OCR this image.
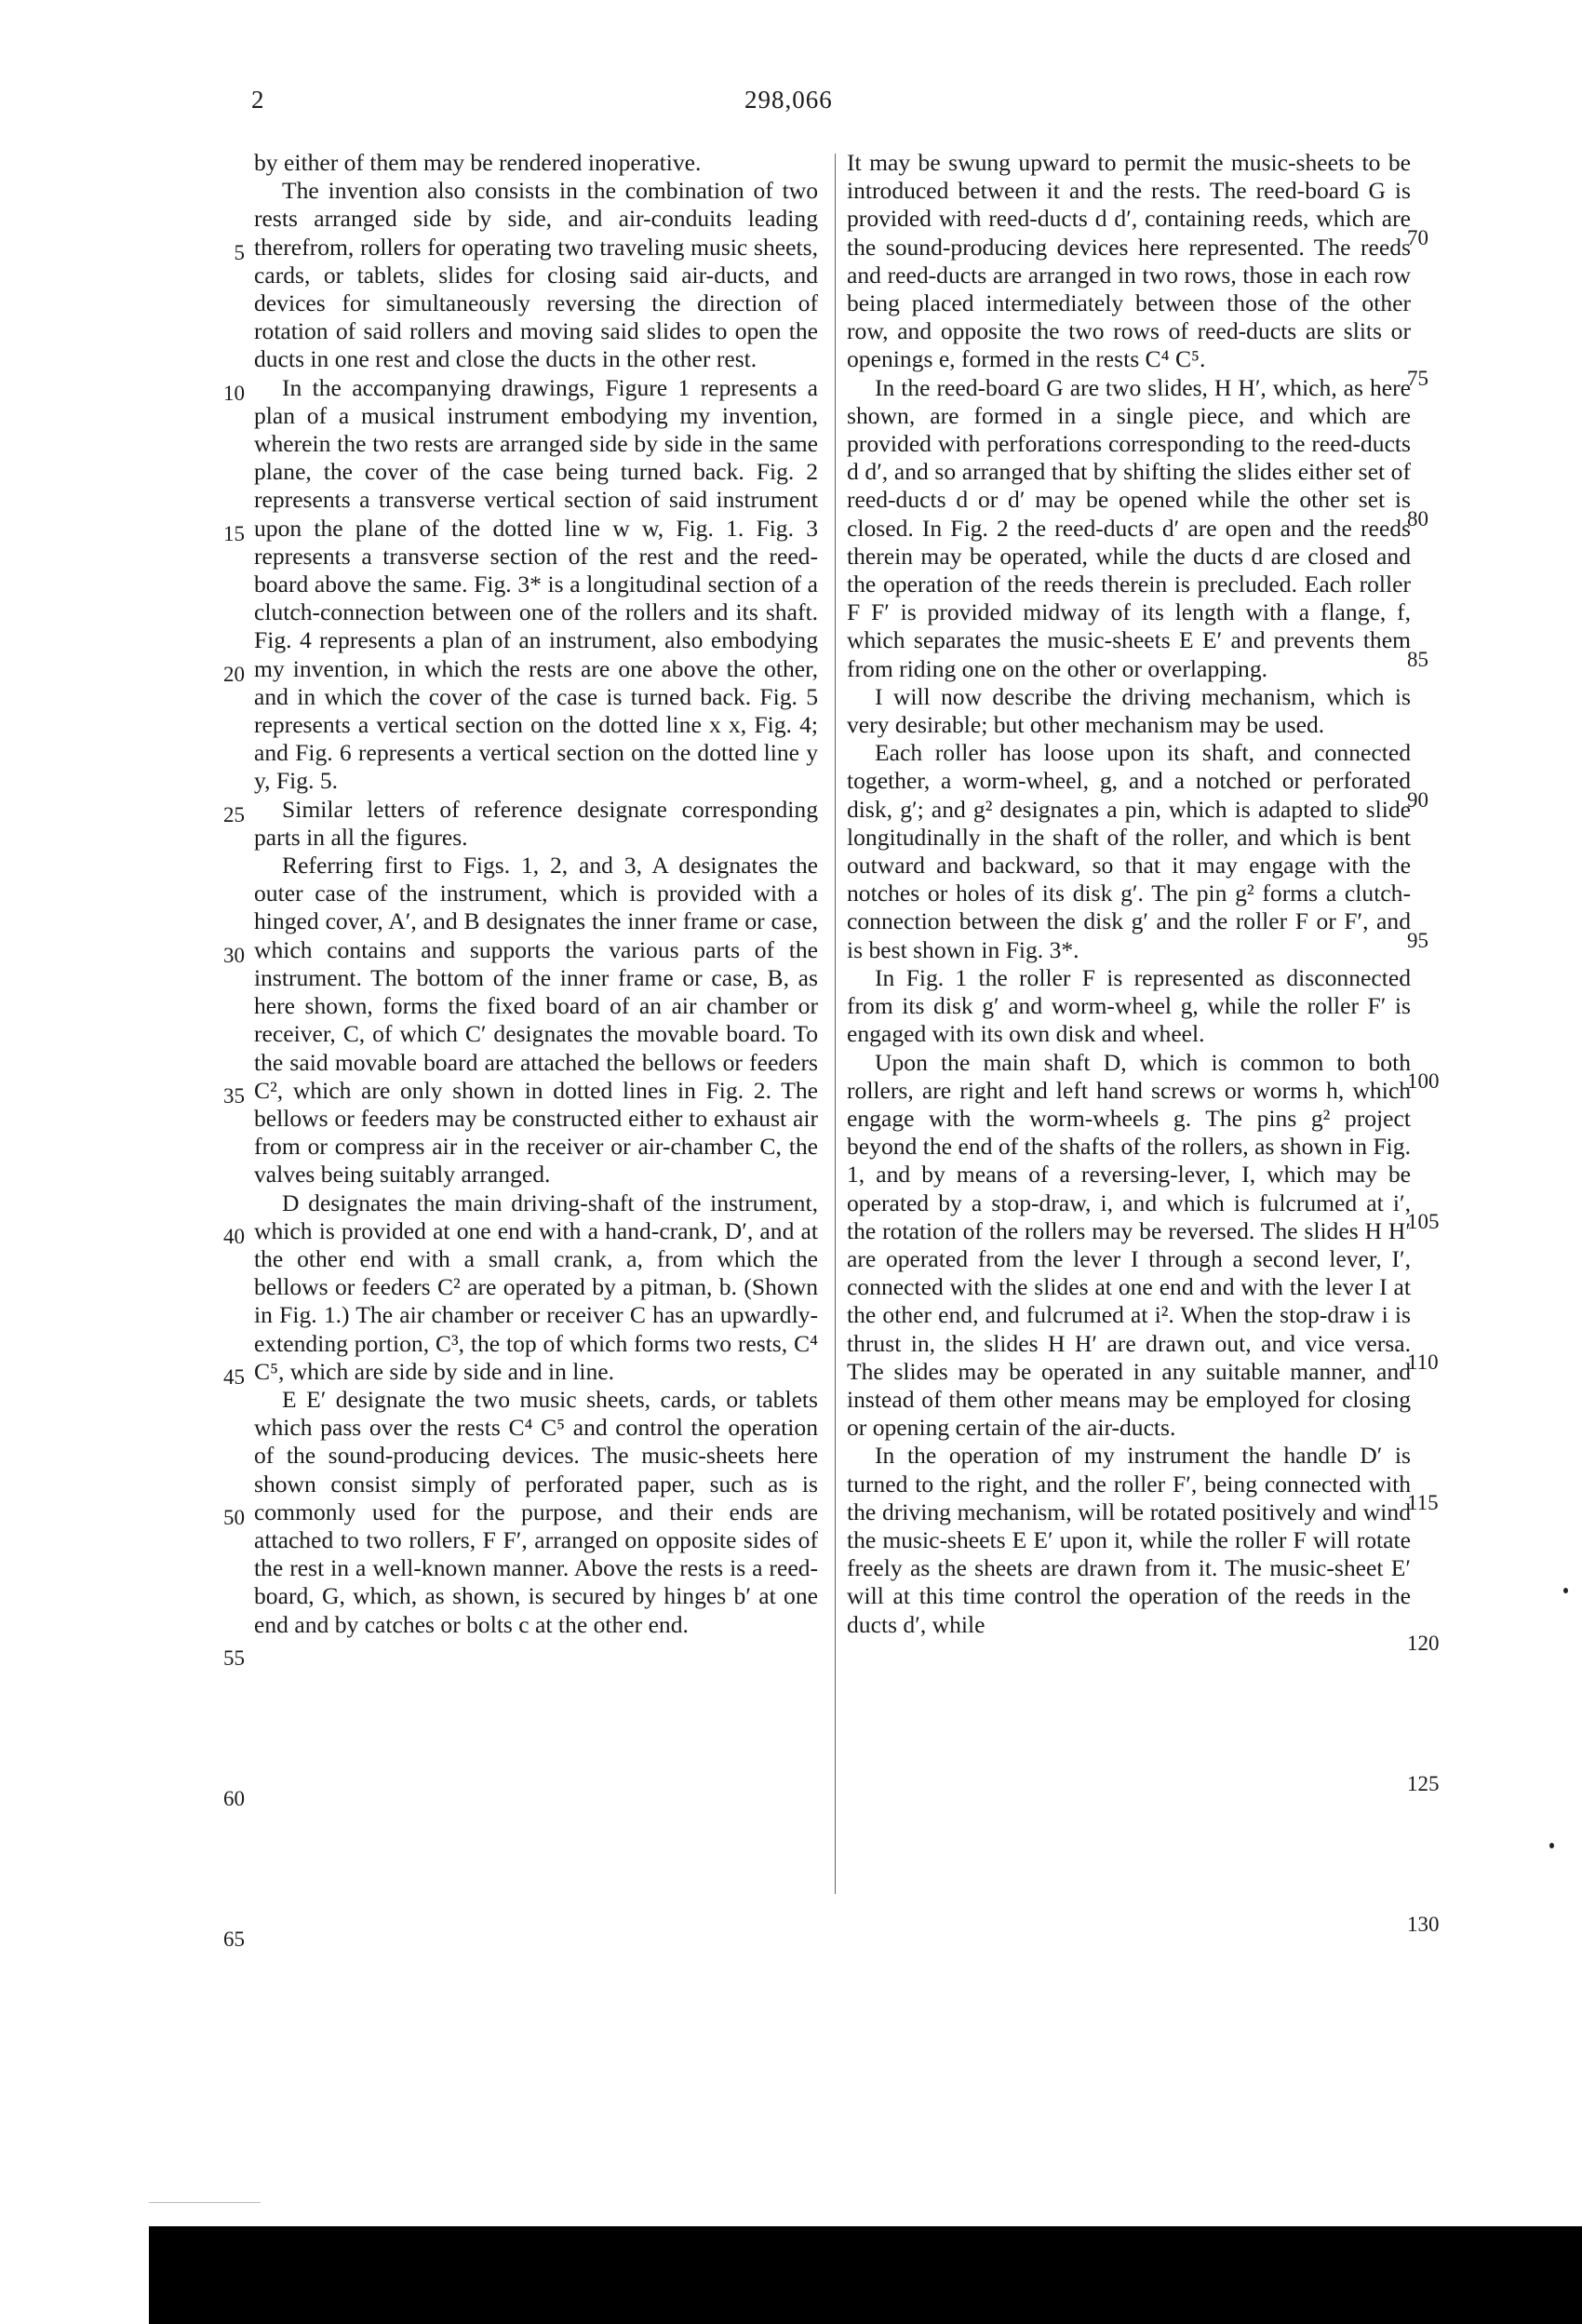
2	298,066

by either of them may be rendered inoperative.

The invention also consists in the combination of two rests arranged side by side, and air-conduits leading therefrom, rollers for operating two traveling music sheets, cards, or tablets, slides for closing said air-ducts, and devices for simultaneously reversing the direction of rotation of said rollers and moving said slides to open the ducts in one rest and close the ducts in the other rest.

In the accompanying drawings, Figure 1 represents a plan of a musical instrument embodying my invention, wherein the two rests are arranged side by side in the same plane, the cover of the case being turned back. Fig. 2 represents a transverse vertical section of said instrument upon the plane of the dotted line w w, Fig. 1. Fig. 3 represents a transverse section of the rest and the reed-board above the same. Fig. 3* is a longitudinal section of a clutch-connection between one of the rollers and its shaft. Fig. 4 represents a plan of an instrument, also embodying my invention, in which the rests are one above the other, and in which the cover of the case is turned back. Fig. 5 represents a vertical section on the dotted line x x, Fig. 4; and Fig. 6 represents a vertical section on the dotted line y y, Fig. 5.

Similar letters of reference designate corresponding parts in all the figures.

Referring first to Figs. 1, 2, and 3, A designates the outer case of the instrument, which is provided with a hinged cover, A′, and B designates the inner frame or case, which contains and supports the various parts of the instrument. The bottom of the inner frame or case, B, as here shown, forms the fixed board of an air chamber or receiver, C, of which C′ designates the movable board. To the said movable board are attached the bellows or feeders C², which are only shown in dotted lines in Fig. 2. The bellows or feeders may be constructed either to exhaust air from or compress air in the receiver or air-chamber C, the valves being suitably arranged.

D designates the main driving-shaft of the instrument, which is provided at one end with a hand-crank, D′, and at the other end with a small crank, a, from which the bellows or feeders C² are operated by a pitman, b. (Shown in Fig. 1.) The air chamber or receiver C has an upwardly-extending portion, C³, the top of which forms two rests, C⁴ C⁵, which are side by side and in line.

E E′ designate the two music sheets, cards, or tablets which pass over the rests C⁴ C⁵ and control the operation of the sound-producing devices. The music-sheets here shown consist simply of perforated paper, such as is commonly used for the purpose, and their ends are attached to two rollers, F F′, arranged on opposite sides of the rest in a well-known manner. Above the rests is a reed-board, G, which, as shown, is secured by hinges b′ at one end and by catches or bolts c at the other end.

It may be swung upward to permit the music-sheets to be introduced between it and the rests. The reed-board G is provided with reed-ducts d d′, containing reeds, which are the sound-producing devices here represented. The reeds and reed-ducts are arranged in two rows, those in each row being placed intermediately between those of the other row, and opposite the two rows of reed-ducts are slits or openings e, formed in the rests C⁴ C⁵.

In the reed-board G are two slides, H H′, which, as here shown, are formed in a single piece, and which are provided with perforations corresponding to the reed-ducts d d′, and so arranged that by shifting the slides either set of reed-ducts d or d′ may be opened while the other set is closed. In Fig. 2 the reed-ducts d′ are open and the reeds therein may be operated, while the ducts d are closed and the operation of the reeds therein is precluded. Each roller F F′ is provided midway of its length with a flange, f, which separates the music-sheets E E′ and prevents them from riding one on the other or overlapping.

I will now describe the driving mechanism, which is very desirable; but other mechanism may be used.

Each roller has loose upon its shaft, and connected together, a worm-wheel, g, and a notched or perforated disk, g′; and g² designates a pin, which is adapted to slide longitudinally in the shaft of the roller, and which is bent outward and backward, so that it may engage with the notches or holes of its disk g′. The pin g² forms a clutch-connection between the disk g′ and the roller F or F′, and is best shown in Fig. 3*.

In Fig. 1 the roller F is represented as disconnected from its disk g′ and worm-wheel g, while the roller F′ is engaged with its own disk and wheel.

Upon the main shaft D, which is common to both rollers, are right and left hand screws or worms h, which engage with the worm-wheels g. The pins g² project beyond the end of the shafts of the rollers, as shown in Fig. 1, and by means of a reversing-lever, I, which may be operated by a stop-draw, i, and which is fulcrumed at i′, the rotation of the rollers may be reversed. The slides H H′ are operated from the lever I through a second lever, I′, connected with the slides at one end and with the lever I at the other end, and fulcrumed at i². When the stop-draw i is thrust in, the slides H H′ are drawn out, and vice versa. The slides may be operated in any suitable manner, and instead of them other means may be employed for closing or opening certain of the air-ducts.

In the operation of my instrument the handle D′ is turned to the right, and the roller F′, being connected with the driving mechanism, will be rotated positively and wind the music-sheets E E′ upon it, while the roller F will rotate freely as the sheets are drawn from it. The music-sheet E′ will at this time control the operation of the reeds in the ducts d′, while

5
10
15
20
25
30
35
40
45
50
55
60
65
70
75
80
85
90
95
100
105
110
115
120
125
130
